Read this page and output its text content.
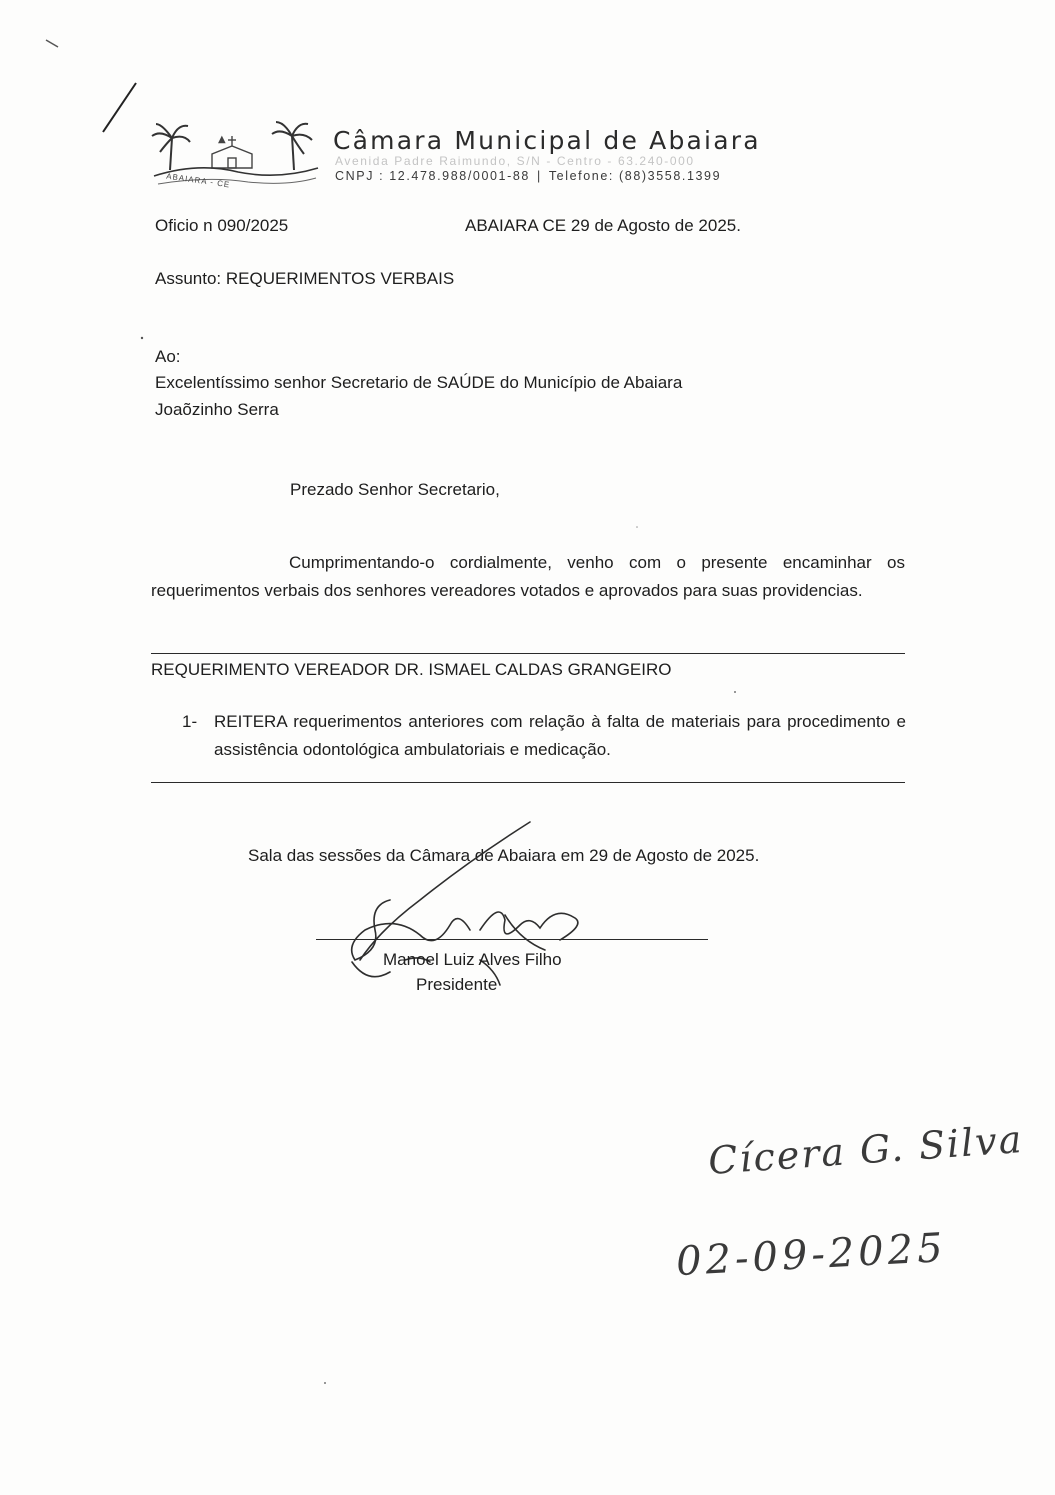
▲
ABAIARA - CE
Câmara Municipal de Abaiara
Avenida Padre Raimundo, S/N - Centro - 63.240-000
CNPJ : 12.478.988/0001-88 | Telefone: (88)3558.1399
Oficio n 090/2025	ABAIARA CE 29 de Agosto de 2025.
Assunto: REQUERIMENTOS VERBAIS
Ao:
Excelentíssimo senhor Secretario de SAÚDE do Município de Abaiara
Joaõzinho Serra
Prezado Senhor Secretario,
Cumprimentando-o cordialmente, venho com o presente encaminhar os requerimentos verbais dos senhores vereadores votados e aprovados para suas providencias.
REQUERIMENTO VEREADOR DR. ISMAEL CALDAS GRANGEIRO
1- REITERA requerimentos anteriores com relação à falta de materiais para procedimento e assistência odontológica ambulatoriais e medicação.
Sala das sessões da Câmara de Abaiara em 29 de Agosto de 2025.
Manoel Luiz Alves Filho
Presidente
Cícera G. Silva
02-09-2025
